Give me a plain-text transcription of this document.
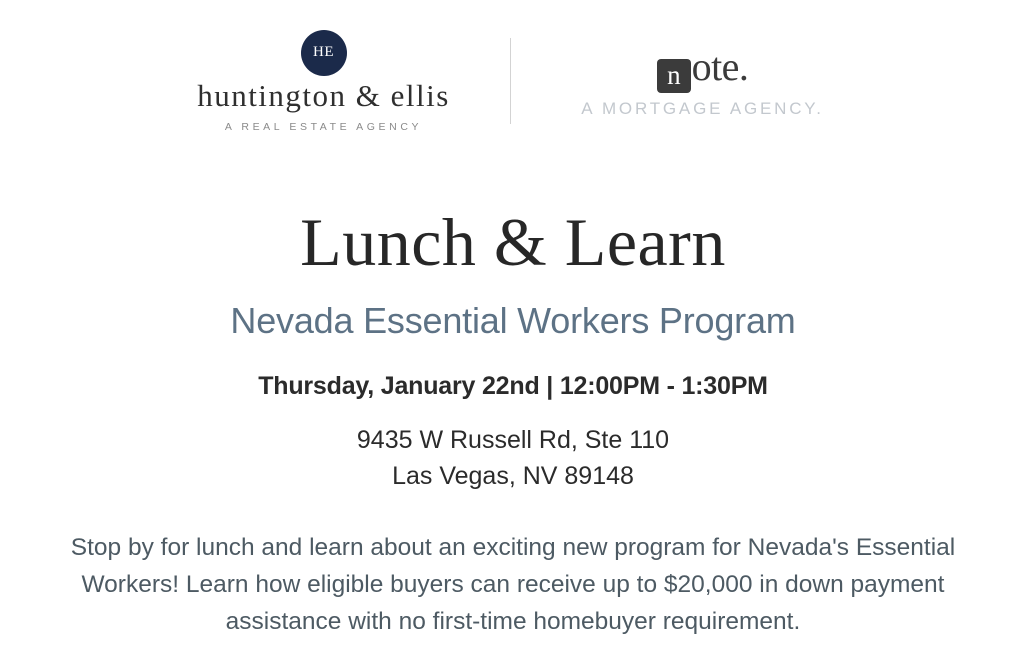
HE
huntington & ellis
A REAL ESTATE AGENCY
n ote.
A MORTGAGE AGENCY.
Lunch & Learn
Nevada Essential Workers Program
Thursday, January 22nd | 12:00PM - 1:30PM
9435 W Russell Rd, Ste 110
Las Vegas, NV 89148
Stop by for lunch and learn about an exciting new program for Nevada's Essential Workers! Learn how eligible buyers can receive up to $20,000 in down payment assistance with no first-time homebuyer requirement.
